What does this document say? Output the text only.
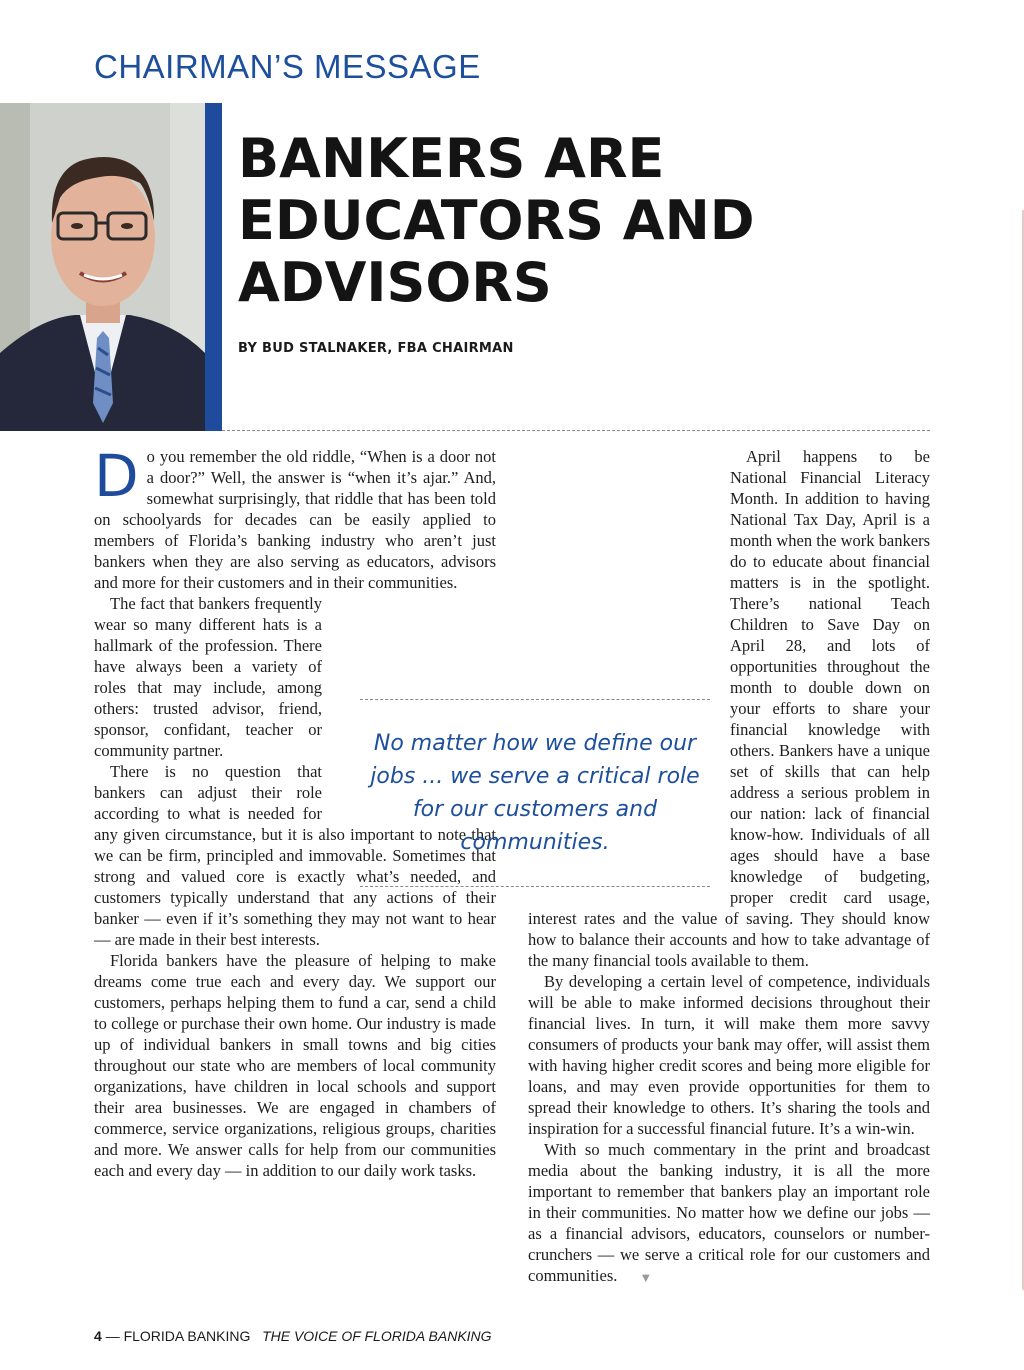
CHAIRMAN’S MESSAGE
BANKERS ARE
EDUCATORS AND
ADVISORS
BY BUD STALNAKER, FBA CHAIRMAN

Do you remember the old riddle, “When is a door not a door?” Well, the answer is “when it’s ajar.” And, somewhat surprisingly, that riddle that has been told on schoolyards for decades can be easily applied to members of Florida’s banking industry who aren’t just bankers when they are also serving as educators, advisors and more for their customers and in their communities.

The fact that bankers frequently wear so many different hats is a hallmark of the profession. There have always been a variety of roles that may include, among others: trusted advisor, friend, sponsor, confidant, teacher or community partner.

There is no question that bankers can adjust their role according to what is needed for any given circumstance, but it is also important to note that we can be firm, principled and immovable. Sometimes that strong and valued core is exactly what’s needed, and customers typically understand that any actions of their banker — even if it’s something they may not want to hear — are made in their best interests.

Florida bankers have the pleasure of helping to make dreams come true each and every day. We support our customers, perhaps helping them to fund a car, send a child to college or purchase their own home. Our industry is made up of individual bankers in small towns and big cities throughout our state who are members of local community organizations, have children in local schools and support their area businesses. We are engaged in chambers of commerce, service organizations, religious groups, charities and more. We answer calls for help from our communities each and every day — in addition to our daily work tasks.

April happens to be National Financial Literacy Month. In addition to having National Tax Day, April is a month when the work bankers do to educate about financial matters is in the spotlight. There’s national Teach Children to Save Day on April 28, and lots of opportunities throughout the month to double down on your efforts to share your financial knowledge with others. Bankers have a unique set of skills that can help address a serious problem in our nation: lack of financial know-how. Individuals of all ages should have a base knowledge of budgeting, proper credit card usage, interest rates and the value of saving. They should know how to balance their accounts and how to take advantage of the many financial tools available to them.

By developing a certain level of competence, individuals will be able to make informed decisions throughout their financial lives. In turn, it will make them more savvy consumers of products your bank may offer, will assist them with having higher credit scores and being more eligible for loans, and may even provide opportunities for them to spread their knowledge to others. It’s sharing the tools and inspiration for a successful financial future. It’s a win-win.

With so much commentary in the print and broadcast media about the banking industry, it is all the more important to remember that bankers play an important role in their communities. No matter how we define our jobs — as a financial advisors, educators, counselors or number-crunchers — we serve a critical role for our customers and communities. ▼

No matter how we define our jobs ... we serve a critical role for our customers and communities.
4 — FLORIDA BANKING THE VOICE OF FLORIDA BANKING
